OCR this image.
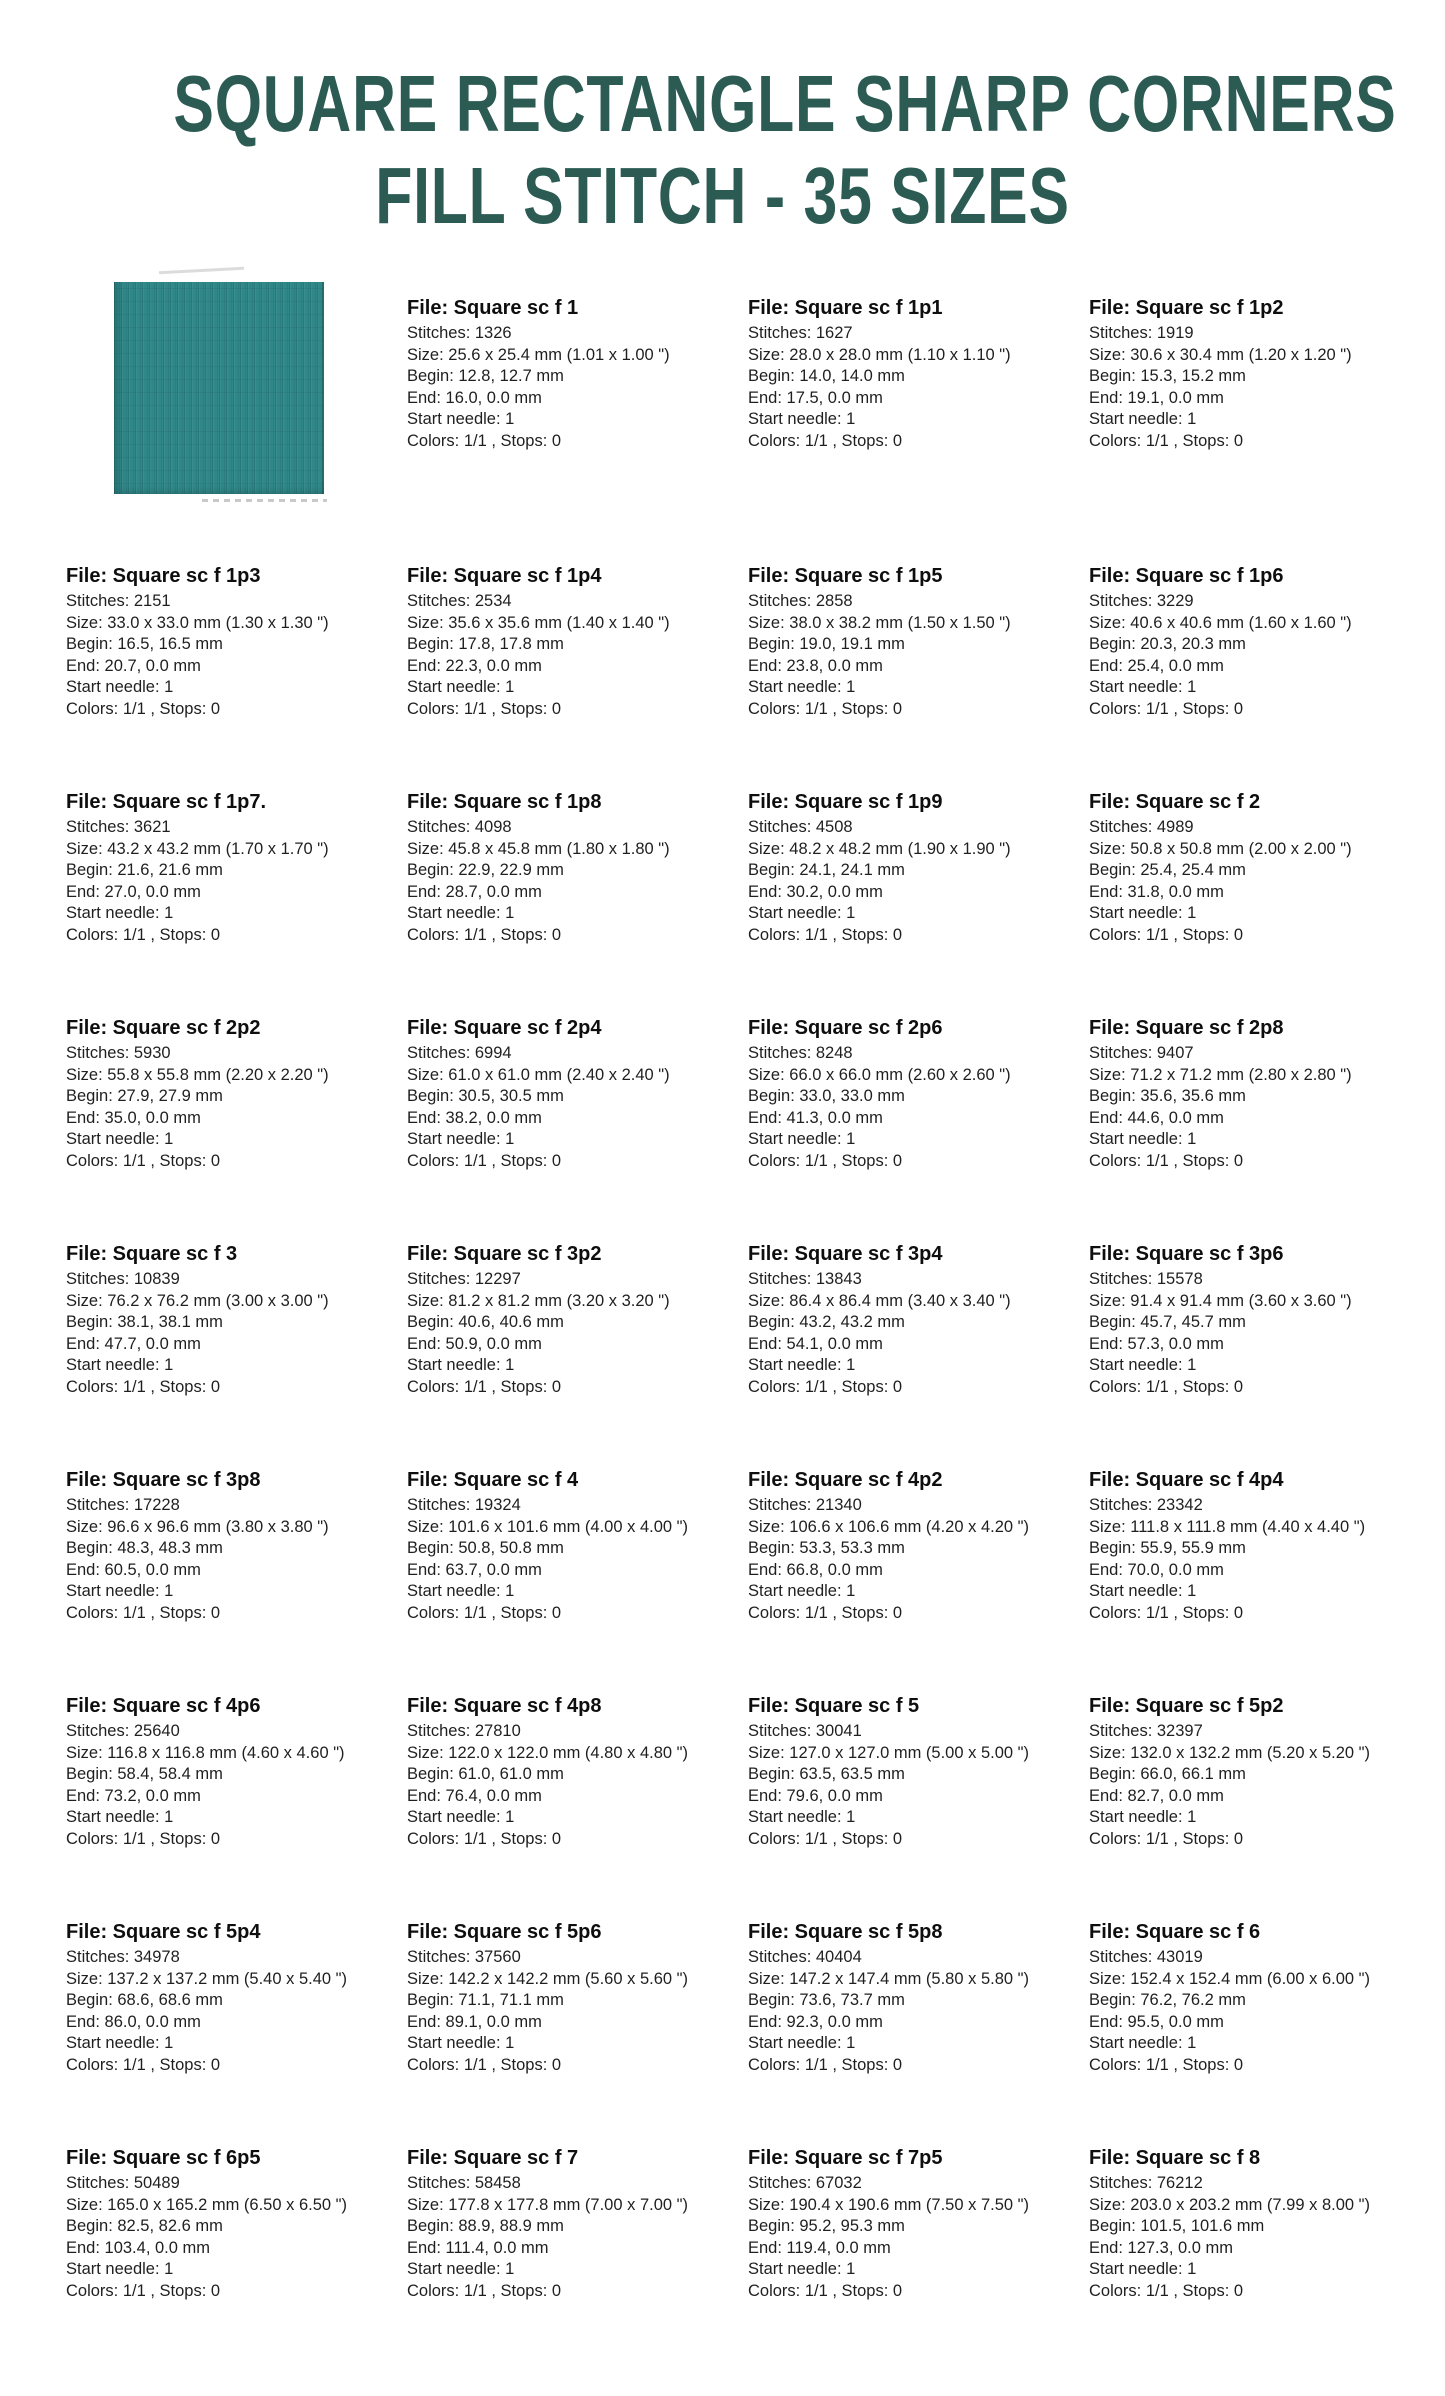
SQUARE RECTANGLE SHARP CORNERS
FILL STITCH - 35 SIZES
File: Square sc f 1
Stitches: 1326
Size: 25.6 x 25.4 mm (1.01 x 1.00 ")
Begin: 12.8, 12.7 mm
End: 16.0, 0.0 mm
Start needle: 1
Colors: 1/1 , Stops: 0
File: Square sc f 1p1
Stitches: 1627
Size: 28.0 x 28.0 mm (1.10 x 1.10 ")
Begin: 14.0, 14.0 mm
End: 17.5, 0.0 mm
Start needle: 1
Colors: 1/1 , Stops: 0
File: Square sc f 1p2
Stitches: 1919
Size: 30.6 x 30.4 mm (1.20 x 1.20 ")
Begin: 15.3, 15.2 mm
End: 19.1, 0.0 mm
Start needle: 1
Colors: 1/1 , Stops: 0
File: Square sc f 1p3
Stitches: 2151
Size: 33.0 x 33.0 mm (1.30 x 1.30 ")
Begin: 16.5, 16.5 mm
End: 20.7, 0.0 mm
Start needle: 1
Colors: 1/1 , Stops: 0
File: Square sc f 1p4
Stitches: 2534
Size: 35.6 x 35.6 mm (1.40 x 1.40 ")
Begin: 17.8, 17.8 mm
End: 22.3, 0.0 mm
Start needle: 1
Colors: 1/1 , Stops: 0
File: Square sc f 1p5
Stitches: 2858
Size: 38.0 x 38.2 mm (1.50 x 1.50 ")
Begin: 19.0, 19.1 mm
End: 23.8, 0.0 mm
Start needle: 1
Colors: 1/1 , Stops: 0
File: Square sc f 1p6
Stitches: 3229
Size: 40.6 x 40.6 mm (1.60 x 1.60 ")
Begin: 20.3, 20.3 mm
End: 25.4, 0.0 mm
Start needle: 1
Colors: 1/1 , Stops: 0
File: Square sc f 1p7.
Stitches: 3621
Size: 43.2 x 43.2 mm (1.70 x 1.70 ")
Begin: 21.6, 21.6 mm
End: 27.0, 0.0 mm
Start needle: 1
Colors: 1/1 , Stops: 0
File: Square sc f 1p8
Stitches: 4098
Size: 45.8 x 45.8 mm (1.80 x 1.80 ")
Begin: 22.9, 22.9 mm
End: 28.7, 0.0 mm
Start needle: 1
Colors: 1/1 , Stops: 0
File: Square sc f 1p9
Stitches: 4508
Size: 48.2 x 48.2 mm (1.90 x 1.90 ")
Begin: 24.1, 24.1 mm
End: 30.2, 0.0 mm
Start needle: 1
Colors: 1/1 , Stops: 0
File: Square sc f 2
Stitches: 4989
Size: 50.8 x 50.8 mm (2.00 x 2.00 ")
Begin: 25.4, 25.4 mm
End: 31.8, 0.0 mm
Start needle: 1
Colors: 1/1 , Stops: 0
File: Square sc f 2p2
Stitches: 5930
Size: 55.8 x 55.8 mm (2.20 x 2.20 ")
Begin: 27.9, 27.9 mm
End: 35.0, 0.0 mm
Start needle: 1
Colors: 1/1 , Stops: 0
File: Square sc f 2p4
Stitches: 6994
Size: 61.0 x 61.0 mm (2.40 x 2.40 ")
Begin: 30.5, 30.5 mm
End: 38.2, 0.0 mm
Start needle: 1
Colors: 1/1 , Stops: 0
File: Square sc f 2p6
Stitches: 8248
Size: 66.0 x 66.0 mm (2.60 x 2.60 ")
Begin: 33.0, 33.0 mm
End: 41.3, 0.0 mm
Start needle: 1
Colors: 1/1 , Stops: 0
File: Square sc f 2p8
Stitches: 9407
Size: 71.2 x 71.2 mm (2.80 x 2.80 ")
Begin: 35.6, 35.6 mm
End: 44.6, 0.0 mm
Start needle: 1
Colors: 1/1 , Stops: 0
File: Square sc f 3
Stitches: 10839
Size: 76.2 x 76.2 mm (3.00 x 3.00 ")
Begin: 38.1, 38.1 mm
End: 47.7, 0.0 mm
Start needle: 1
Colors: 1/1 , Stops: 0
File: Square sc f 3p2
Stitches: 12297
Size: 81.2 x 81.2 mm (3.20 x 3.20 ")
Begin: 40.6, 40.6 mm
End: 50.9, 0.0 mm
Start needle: 1
Colors: 1/1 , Stops: 0
File: Square sc f 3p4
Stitches: 13843
Size: 86.4 x 86.4 mm (3.40 x 3.40 ")
Begin: 43.2, 43.2 mm
End: 54.1, 0.0 mm
Start needle: 1
Colors: 1/1 , Stops: 0
File: Square sc f 3p6
Stitches: 15578
Size: 91.4 x 91.4 mm (3.60 x 3.60 ")
Begin: 45.7, 45.7 mm
End: 57.3, 0.0 mm
Start needle: 1
Colors: 1/1 , Stops: 0
File: Square sc f 3p8
Stitches: 17228
Size: 96.6 x 96.6 mm (3.80 x 3.80 ")
Begin: 48.3, 48.3 mm
End: 60.5, 0.0 mm
Start needle: 1
Colors: 1/1 , Stops: 0
File: Square sc f 4
Stitches: 19324
Size: 101.6 x 101.6 mm (4.00 x 4.00 ")
Begin: 50.8, 50.8 mm
End: 63.7, 0.0 mm
Start needle: 1
Colors: 1/1 , Stops: 0
File: Square sc f 4p2
Stitches: 21340
Size: 106.6 x 106.6 mm (4.20 x 4.20 ")
Begin: 53.3, 53.3 mm
End: 66.8, 0.0 mm
Start needle: 1
Colors: 1/1 , Stops: 0
File: Square sc f 4p4
Stitches: 23342
Size: 111.8 x 111.8 mm (4.40 x 4.40 ")
Begin: 55.9, 55.9 mm
End: 70.0, 0.0 mm
Start needle: 1
Colors: 1/1 , Stops: 0
File: Square sc f 4p6
Stitches: 25640
Size: 116.8 x 116.8 mm (4.60 x 4.60 ")
Begin: 58.4, 58.4 mm
End: 73.2, 0.0 mm
Start needle: 1
Colors: 1/1 , Stops: 0
File: Square sc f 4p8
Stitches: 27810
Size: 122.0 x 122.0 mm (4.80 x 4.80 ")
Begin: 61.0, 61.0 mm
End: 76.4, 0.0 mm
Start needle: 1
Colors: 1/1 , Stops: 0
File: Square sc f 5
Stitches: 30041
Size: 127.0 x 127.0 mm (5.00 x 5.00 ")
Begin: 63.5, 63.5 mm
End: 79.6, 0.0 mm
Start needle: 1
Colors: 1/1 , Stops: 0
File: Square sc f 5p2
Stitches: 32397
Size: 132.0 x 132.2 mm (5.20 x 5.20 ")
Begin: 66.0, 66.1 mm
End: 82.7, 0.0 mm
Start needle: 1
Colors: 1/1 , Stops: 0
File: Square sc f 5p4
Stitches: 34978
Size: 137.2 x 137.2 mm (5.40 x 5.40 ")
Begin: 68.6, 68.6 mm
End: 86.0, 0.0 mm
Start needle: 1
Colors: 1/1 , Stops: 0
File: Square sc f 5p6
Stitches: 37560
Size: 142.2 x 142.2 mm (5.60 x 5.60 ")
Begin: 71.1, 71.1 mm
End: 89.1, 0.0 mm
Start needle: 1
Colors: 1/1 , Stops: 0
File: Square sc f 5p8
Stitches: 40404
Size: 147.2 x 147.4 mm (5.80 x 5.80 ")
Begin: 73.6, 73.7 mm
End: 92.3, 0.0 mm
Start needle: 1
Colors: 1/1 , Stops: 0
File: Square sc f 6
Stitches: 43019
Size: 152.4 x 152.4 mm (6.00 x 6.00 ")
Begin: 76.2, 76.2 mm
End: 95.5, 0.0 mm
Start needle: 1
Colors: 1/1 , Stops: 0
File: Square sc f 6p5
Stitches: 50489
Size: 165.0 x 165.2 mm (6.50 x 6.50 ")
Begin: 82.5, 82.6 mm
End: 103.4, 0.0 mm
Start needle: 1
Colors: 1/1 , Stops: 0
File: Square sc f 7
Stitches: 58458
Size: 177.8 x 177.8 mm (7.00 x 7.00 ")
Begin: 88.9, 88.9 mm
End: 111.4, 0.0 mm
Start needle: 1
Colors: 1/1 , Stops: 0
File: Square sc f 7p5
Stitches: 67032
Size: 190.4 x 190.6 mm (7.50 x 7.50 ")
Begin: 95.2, 95.3 mm
End: 119.4, 0.0 mm
Start needle: 1
Colors: 1/1 , Stops: 0
File: Square sc f 8
Stitches: 76212
Size: 203.0 x 203.2 mm (7.99 x 8.00 ")
Begin: 101.5, 101.6 mm
End: 127.3, 0.0 mm
Start needle: 1
Colors: 1/1 , Stops: 0
